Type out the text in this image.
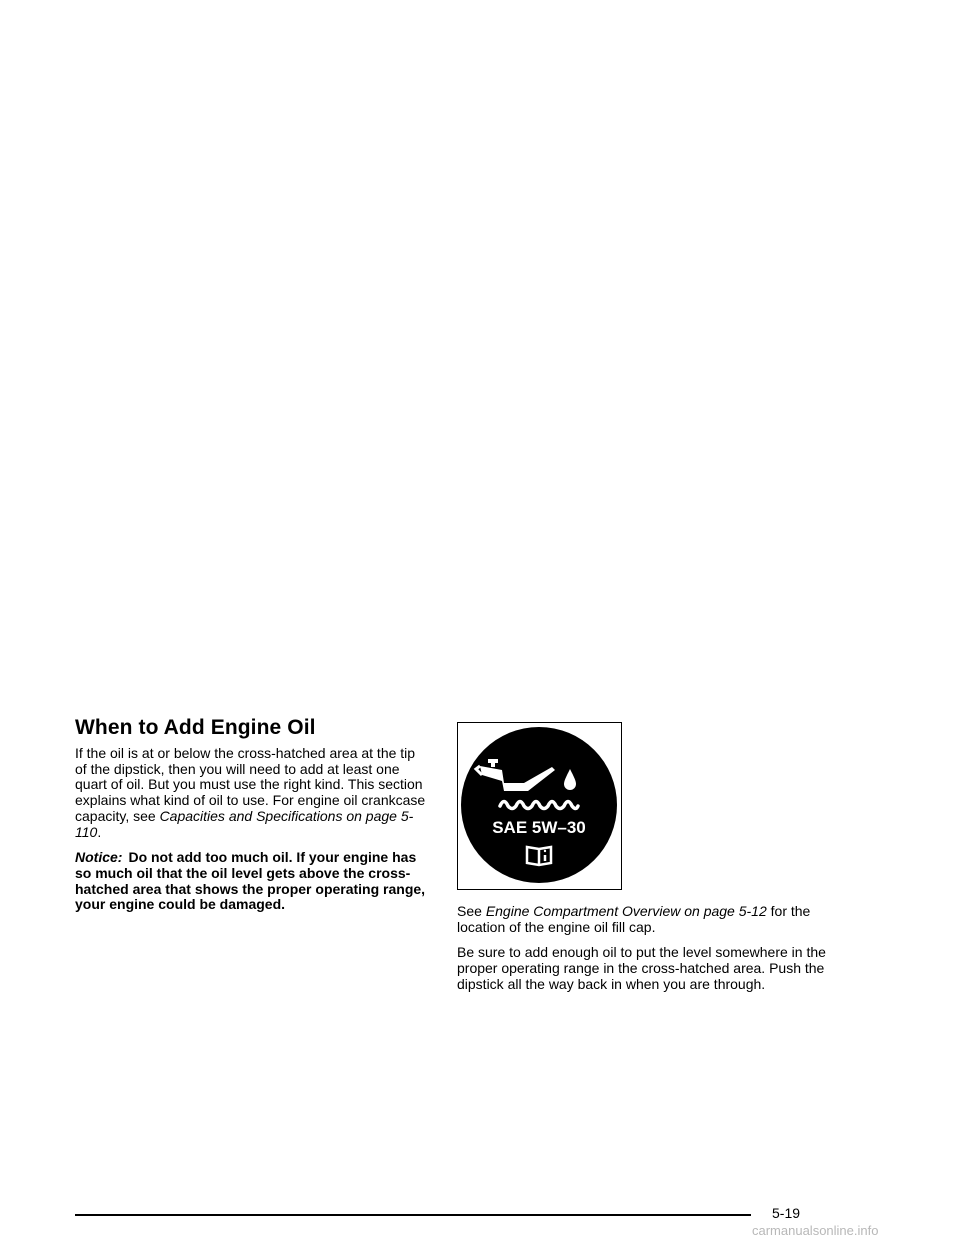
When to Add Engine Oil

If the oil is at or below the cross-hatched area at the tip of the dipstick, then you will need to add at least one quart of oil. But you must use the right kind. This section explains what kind of oil to use. For engine oil crankcase capacity, see Capacities and Specifications on page 5-110.

Notice: Do not add too much oil. If your engine has so much oil that the oil level gets above the cross-hatched area that shows the proper operating range, your engine could be damaged.

SAE 5W–30

See Engine Compartment Overview on page 5-12 for the location of the engine oil fill cap.

Be sure to add enough oil to put the level somewhere in the proper operating range in the cross-hatched area. Push the dipstick all the way back in when you are through.

5-19
carmanualsonline.info
